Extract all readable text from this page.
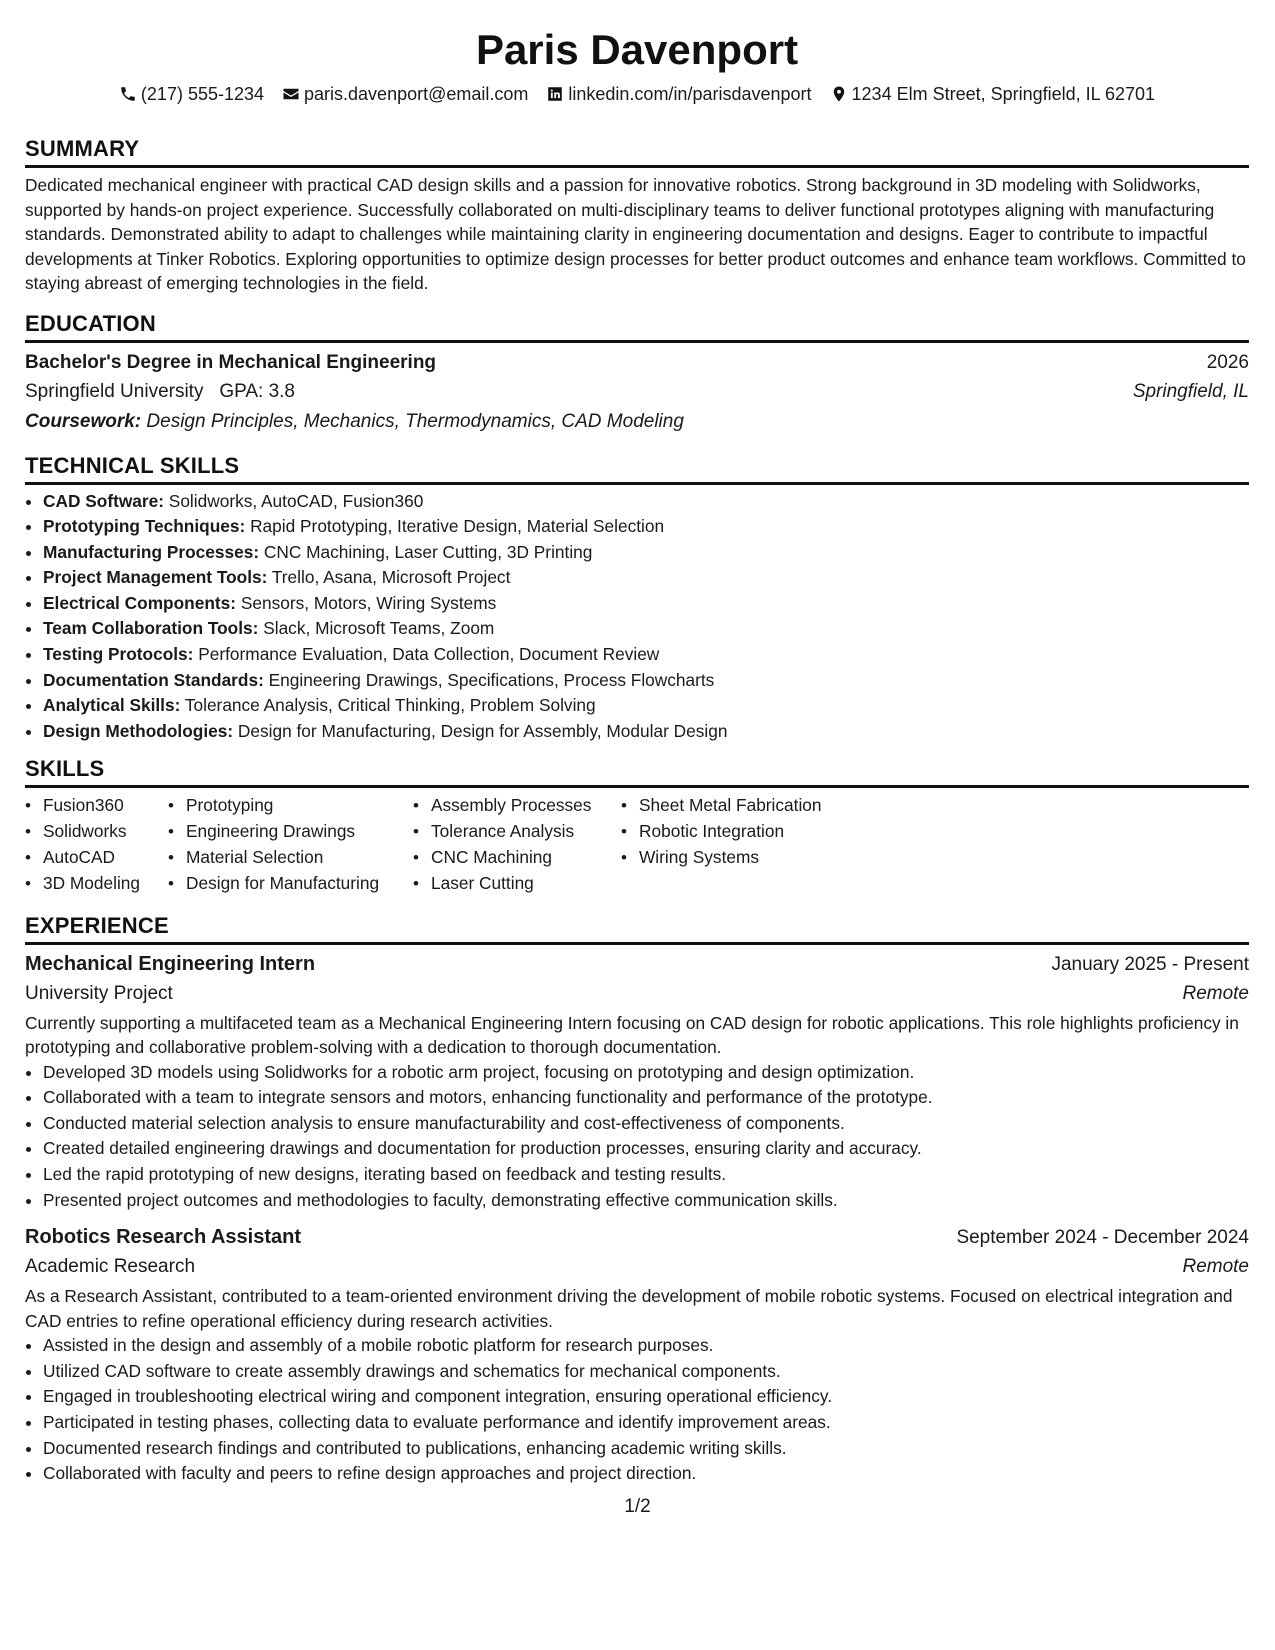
Paris Davenport
(217) 555-1234 paris.davenport@email.com linkedin.com/in/parisdavenport 1234 Elm Street, Springfield, IL 62701
SUMMARY
Dedicated mechanical engineer with practical CAD design skills and a passion for innovative robotics. Strong background in 3D modeling with Solidworks, supported by hands-on project experience. Successfully collaborated on multi-disciplinary teams to deliver functional prototypes aligning with manufacturing standards. Demonstrated ability to adapt to challenges while maintaining clarity in engineering documentation and designs. Eager to contribute to impactful developments at Tinker Robotics. Exploring opportunities to optimize design processes for better product outcomes and enhance team workflows. Committed to staying abreast of emerging technologies in the field.
EDUCATION
Bachelor's Degree in Mechanical Engineering	2026
Springfield University GPA: 3.8	Springfield, IL
Coursework: Design Principles, Mechanics, Thermodynamics, CAD Modeling
TECHNICAL SKILLS
• CAD Software: Solidworks, AutoCAD, Fusion360
• Prototyping Techniques: Rapid Prototyping, Iterative Design, Material Selection
• Manufacturing Processes: CNC Machining, Laser Cutting, 3D Printing
• Project Management Tools: Trello, Asana, Microsoft Project
• Electrical Components: Sensors, Motors, Wiring Systems
• Team Collaboration Tools: Slack, Microsoft Teams, Zoom
• Testing Protocols: Performance Evaluation, Data Collection, Document Review
• Documentation Standards: Engineering Drawings, Specifications, Process Flowcharts
• Analytical Skills: Tolerance Analysis, Critical Thinking, Problem Solving
• Design Methodologies: Design for Manufacturing, Design for Assembly, Modular Design
SKILLS
• Fusion360
• Solidworks
• AutoCAD
• 3D Modeling
• Prototyping
• Engineering Drawings
• Material Selection
• Design for Manufacturing
• Assembly Processes
• Tolerance Analysis
• CNC Machining
• Laser Cutting
• Sheet Metal Fabrication
• Robotic Integration
• Wiring Systems
EXPERIENCE
Mechanical Engineering Intern	January 2025 - Present
University Project	Remote
Currently supporting a multifaceted team as a Mechanical Engineering Intern focusing on CAD design for robotic applications. This role highlights proficiency in prototyping and collaborative problem-solving with a dedication to thorough documentation.
• Developed 3D models using Solidworks for a robotic arm project, focusing on prototyping and design optimization.
• Collaborated with a team to integrate sensors and motors, enhancing functionality and performance of the prototype.
• Conducted material selection analysis to ensure manufacturability and cost-effectiveness of components.
• Created detailed engineering drawings and documentation for production processes, ensuring clarity and accuracy.
• Led the rapid prototyping of new designs, iterating based on feedback and testing results.
• Presented project outcomes and methodologies to faculty, demonstrating effective communication skills.
Robotics Research Assistant	September 2024 - December 2024
Academic Research	Remote
As a Research Assistant, contributed to a team-oriented environment driving the development of mobile robotic systems. Focused on electrical integration and CAD entries to refine operational efficiency during research activities.
• Assisted in the design and assembly of a mobile robotic platform for research purposes.
• Utilized CAD software to create assembly drawings and schematics for mechanical components.
• Engaged in troubleshooting electrical wiring and component integration, ensuring operational efficiency.
• Participated in testing phases, collecting data to evaluate performance and identify improvement areas.
• Documented research findings and contributed to publications, enhancing academic writing skills.
• Collaborated with faculty and peers to refine design approaches and project direction.
1/2
